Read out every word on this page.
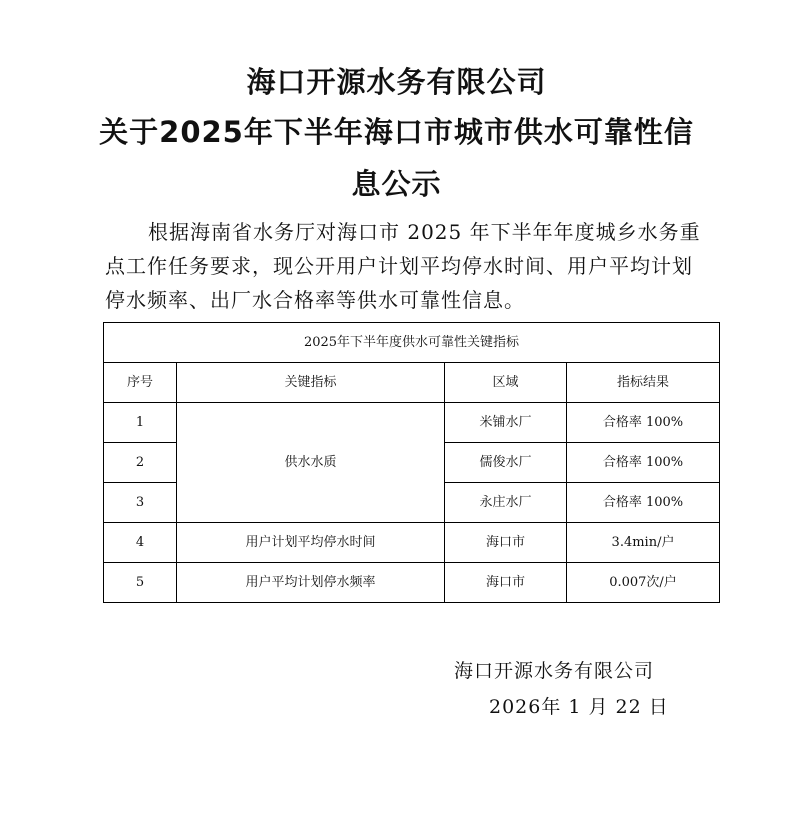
海口开源水务有限公司
关于2025年下半年海口市城市供水可靠性信
息公示
根据海南省水务厅对海口市 2025 年下半年年度城乡水务重
点工作任务要求，现公开用户计划平均停水时间、用户平均计划
停水频率、出厂水合格率等供水可靠性信息。
2025年下半年度供水可靠性关键指标			
序号	关键指标	区域	指标结果
1	供水水质	米铺水厂	合格率 100%
2		儒俊水厂	合格率 100%
3		永庄水厂	合格率 100%
4	用户计划平均停水时间	海口市	3.4min/户
5	用户平均计划停水频率	海口市	0.007次/户
海口开源水务有限公司
2026年 1 月 22 日
